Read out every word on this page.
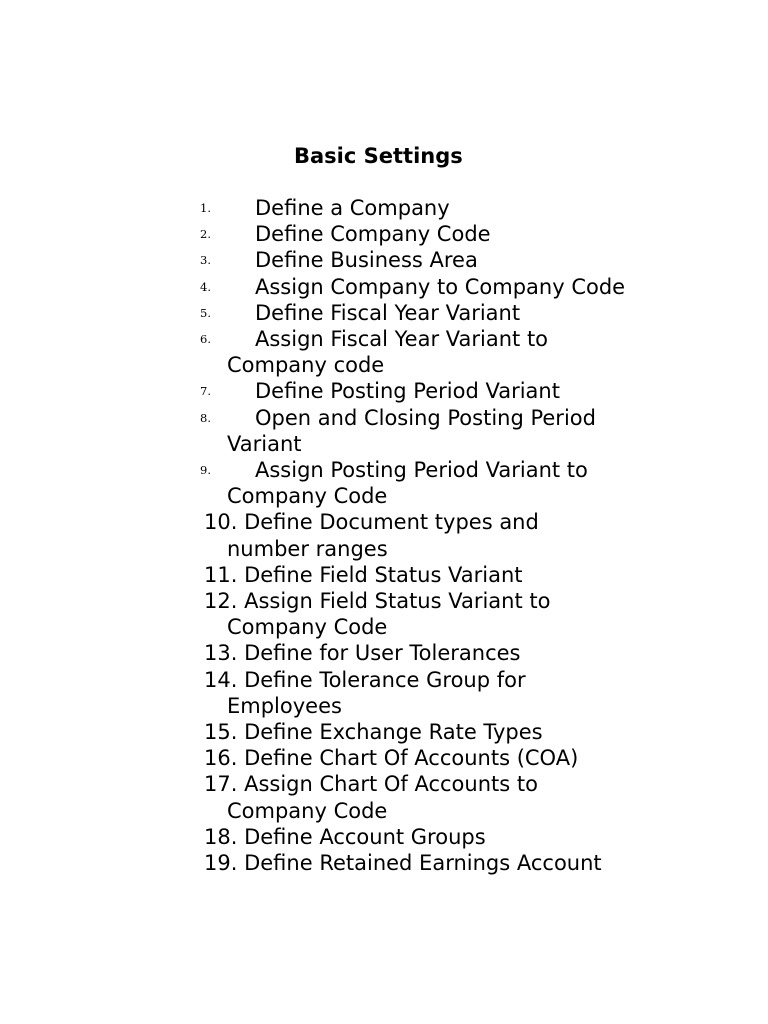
Basic Settings
1.	Define a Company
2.	Define Company Code
3.	Define Business Area
4.	Assign Company to Company Code
5.	Define Fiscal Year Variant
6.	Assign Fiscal Year Variant to
Company code
7.	Define Posting Period Variant
8.	Open and Closing Posting Period
Variant
9.	Assign Posting Period Variant to
Company Code
10. Define Document types and
number ranges
11. Define Field Status Variant
12. Assign Field Status Variant to
Company Code
13. Define for User Tolerances
14. Define Tolerance Group for
Employees
15. Define Exchange Rate Types
16. Define Chart Of Accounts (COA)
17. Assign Chart Of Accounts to
Company Code
18. Define Account Groups
19. Define Retained Earnings Account
